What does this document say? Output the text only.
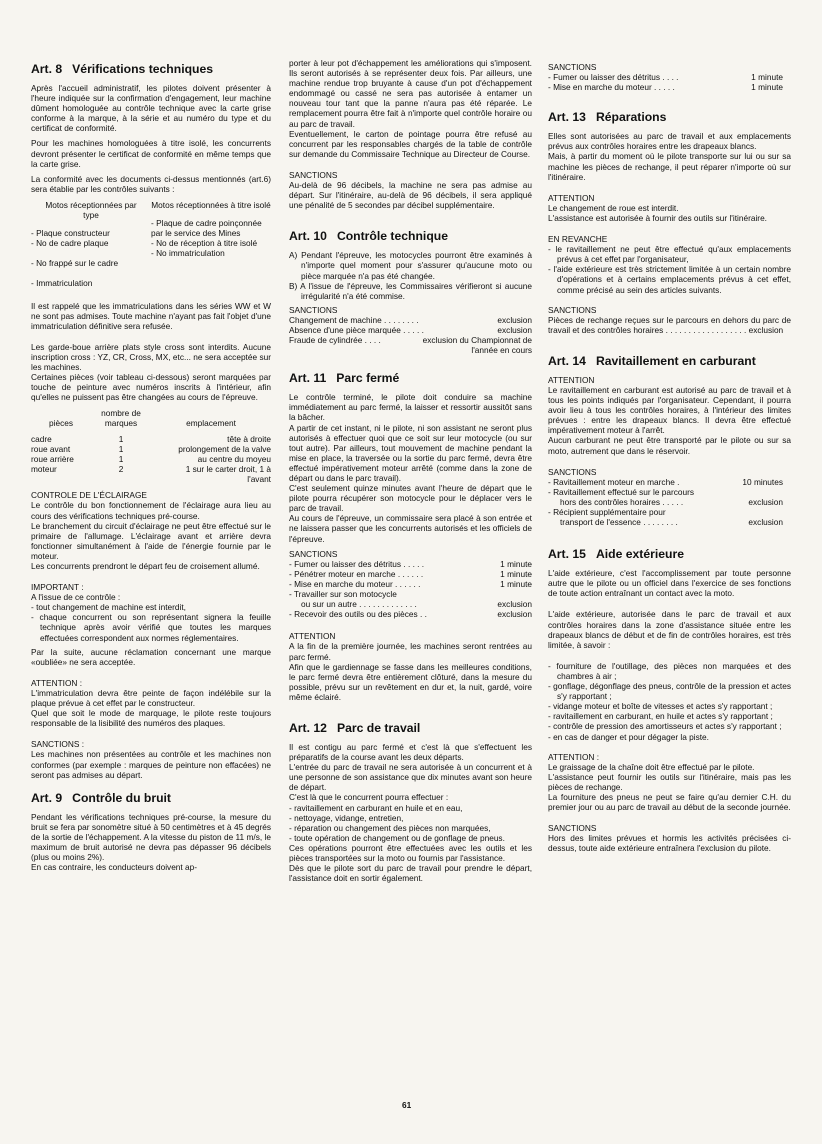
Art. 8 Vérifications techniques

Après l'accueil administratif, les pilotes doivent présenter à l'heure indiquée sur la confirmation d'engagement, leur machine dûment homologuée au contrôle technique avec la carte grise conforme à la marque, à la série et au numéro du type et du certificat de conformité.

Pour les machines homologuées à titre isolé, les concurrents devront présenter le certificat de conformité en même temps que la carte grise.

La conformité avec les documents ci-dessus mentionnés (art.6) sera établie par les contrôles suivants :

Motos réceptionnées par type
- Plaque constructeur
- No de cadre plaque
- No frappé sur le cadre
- Immatriculation
Motos réceptionnées à titre isolé
- Plaque de cadre poinçonnée par le service des Mines
- No de réception à titre isolé
- No immatriculation

Il est rappelé que les immatriculations dans les séries WW et W ne sont pas admises. Toute machine n'ayant pas fait l'objet d'une immatriculation définitive sera refusée.

Les garde-boue arrière plats style cross sont interdits. Aucune inscription cross : YZ, CR, Cross, MX, etc... ne sera acceptée sur les machines.

Certaines pièces (voir tableau ci-dessous) seront marquées par touche de peinture avec numéros inscrits à l'intérieur, afin qu'elles ne puissent pas être changées au cours de l'épreuve.

pièces	nombre de marques	emplacement

cadre	1	tête à droite
roue avant	1	prolongement de la valve
roue arrière	1	au centre du moyeu
moteur	2	1 sur le carter droit, 1 à l'avant
CONTROLE DE L'ÉCLAIRAGE

Le contrôle du bon fonctionnement de l'éclairage aura lieu au cours des vérifications techniques pré-course.

Le branchement du circuit d'éclairage ne peut être effectué sur le primaire de l'allumage. L'éclairage avant et arrière devra fonctionner simultanément à l'aide de l'énergie fournie par le moteur.

Les concurrents prendront le départ feu de croisement allumé.

IMPORTANT :
A l'issue de ce contrôle :
- tout changement de machine est interdit,
- chaque concurrent ou son représentant signera la feuille technique après avoir vérifié que toutes les marques effectuées correspondent aux normes réglementaires.

Par la suite, aucune réclamation concernant une marque «oubliée» ne sera acceptée.

ATTENTION :

L'immatriculation devra être peinte de façon indélébile sur la plaque prévue à cet effet par le constructeur.

Quel que soit le mode de marquage, le pilote reste toujours responsable de la lisibilité des numéros des plaques.

SANCTIONS :

Les machines non présentées au contrôle et les machines non conformes (par exemple : marques de peinture non effacées) ne seront pas admises au départ.

Art. 9 Contrôle du bruit

Pendant les vérifications techniques pré-course, la mesure du bruit se fera par sonomètre situé à 50 centimètres et à 45 degrés de la sortie de l'échappement. A la vitesse du piston de 11 m/s, le maximum de bruit autorisé ne devra pas dépasser 96 décibels (plus ou moins 2%).

En cas contraire, les conducteurs doivent ap-

porter à leur pot d'échappement les améliorations qui s'imposent. Ils seront autorisés à se représenter deux fois. Par ailleurs, une machine rendue trop bruyante à cause d'un pot d'échappement endommagé ou cassé ne sera pas autorisée à entamer un nouveau tour tant que la panne n'aura pas été réparée. Le remplacement pourra être fait à n'importe quel contrôle horaire ou au parc de travail.

Eventuellement, le carton de pointage pourra être refusé au concurrent par les responsables chargés de la table de contrôle sur demande du Commissaire Technique au Directeur de Course.

SANCTIONS

Au-delà de 96 décibels, la machine ne sera pas admise au départ. Sur l'itinéraire, au-delà de 96 décibels, il sera appliqué une pénalité de 5 secondes par décibel supplémentaire.

Art. 10 Contrôle technique
A) Pendant l'épreuve, les motocycles pourront être examinés à n'importe quel moment pour s'assurer qu'aucune moto ou pièce marquée n'a pas été changée.
B) A l'issue de l'épreuve, les Commissaires vérifieront si aucune irrégularité n'a été commise.
SANCTIONS
Changement de machine . . . . . . . .	exclusion
Absence d'une pièce marquée . . . . .	exclusion
Fraude de cylindrée . . . .	exclusion du Championnat de l'année en cours
Art. 11 Parc fermé

Le contrôle terminé, le pilote doit conduire sa machine immédiatement au parc fermé, la laisser et ressortir aussitôt sans la bâcher.

A partir de cet instant, ni le pilote, ni son assistant ne seront plus autorisés à effectuer quoi que ce soit sur leur motocycle (ou sur tout autre). Par ailleurs, tout mouvement de machine pendant la mise en place, la traversée ou la sortie du parc fermé, devra être effectué impérativement moteur arrêté (comme dans la zone de départ ou dans le parc travail).

C'est seulement quinze minutes avant l'heure de départ que le pilote pourra récupérer son motocycle pour le déplacer vers le parc de travail.

Au cours de l'épreuve, un commissaire sera placé à son entrée et ne laissera passer que les concurrents autorisés et les officiels de l'épreuve.

SANCTIONS
- Fumer ou laisser des détritus . . . . .	1 minute
- Pénétrer moteur en marche . . . . . .	1 minute
- Mise en marche du moteur . . . . . .	1 minute
- Travailler sur son motocycle
ou sur un autre . . . . . . . . . . . . .	exclusion
- Recevoir des outils ou des pièces . .	exclusion
ATTENTION

A la fin de la première journée, les machines seront rentrées au parc fermé.

Afin que le gardiennage se fasse dans les meilleures conditions, le parc fermé devra être entièrement clôturé, dans la mesure du possible, prévu sur un revêtement en dur et, la nuit, gardé, voire même éclairé.

Art. 12 Parc de travail

Il est contigu au parc fermé et c'est là que s'effectuent les préparatifs de la course avant les deux départs.

L'entrée du parc de travail ne sera autorisée à un concurrent et à une personne de son assistance que dix minutes avant son heure de départ.

C'est là que le concurrent pourra effectuer :
- ravitaillement en carburant en huile et en eau,
- nettoyage, vidange, entretien,
- réparation ou changement des pièces non marquées,
- toute opération de changement ou de gonflage de pneus.

Ces opérations pourront être effectuées avec les outils et les pièces transportées sur la moto ou fournis par l'assistance.

Dès que le pilote sort du parc de travail pour prendre le départ, l'assistance doit en sortir également.

SANCTIONS
- Fumer ou laisser des détritus . . . .	1 minute
- Mise en marche du moteur . . . . .	1 minute
Art. 13 Réparations

Elles sont autorisées au parc de travail et aux emplacements prévus aux contrôles horaires entre les drapeaux blancs.

Mais, à partir du moment où le pilote transporte sur lui ou sur sa machine les pièces de rechange, il peut réparer n'importe où sur l'itinéraire.

ATTENTION

Le changement de roue est interdit.

L'assistance est autorisée à fournir des outils sur l'itinéraire.

EN REVANCHE
- le ravitaillement ne peut être effectué qu'aux emplacements prévus à cet effet par l'organisateur,
- l'aide extérieure est très strictement limitée à un certain nombre d'opérations et à certains emplacements prévus à cet effet, comme précisé au sein des articles suivants.
SANCTIONS

Pièces de rechange reçues sur le parcours en dehors du parc de travail et des contrôles horaires . . . . . . . . . . . . . . . . . . exclusion

Art. 14 Ravitaillement en carburant
ATTENTION

Le ravitaillement en carburant est autorisé au parc de travail et à tous les points indiqués par l'organisateur. Cependant, il pourra avoir lieu à tous les contrôles horaires, à l'intérieur des limites prévues : entre les drapeaux blancs. Il devra être effectué impérativement moteur à l'arrêt.

Aucun carburant ne peut être transporté par le pilote ou sur sa moto, autrement que dans le réservoir.

SANCTIONS
- Ravitaillement moteur en marche .	10 minutes
- Ravitaillement effectué sur le parcours
hors des contrôles horaires . . . . .	exclusion
- Récipient supplémentaire pour
transport de l'essence . . . . . . . .	exclusion
Art. 15 Aide extérieure

L'aide extérieure, c'est l'accomplissement par toute personne autre que le pilote ou un officiel dans l'exercice de ses fonctions de toute action entraînant un contact avec la moto.

L'aide extérieure, autorisée dans le parc de travail et aux contrôles horaires dans la zone d'assistance située entre les drapeaux blancs de début et de fin de contrôles horaires, est très limitée, à savoir :

- fourniture de l'outillage, des pièces non marquées et des chambres à air ;
- gonflage, dégonflage des pneus, contrôle de la pression et actes s'y rapportant ;
- vidange moteur et boîte de vitesses et actes s'y rapportant ;
- ravitaillement en carburant, en huile et actes s'y rapportant ;
- contrôle de pression des amortisseurs et actes s'y rapportant ;
- en cas de danger et pour dégager la piste.
ATTENTION :

Le graissage de la chaîne doit être effectué par le pilote.

L'assistance peut fournir les outils sur l'itinéraire, mais pas les pièces de rechange.

La fourniture des pneus ne peut se faire qu'au dernier C.H. du premier jour ou au parc de travail au début de la seconde journée.

SANCTIONS

Hors des limites prévues et hormis les activités précisées ci-dessus, toute aide extérieure entraînera l'exclusion du pilote.

61
